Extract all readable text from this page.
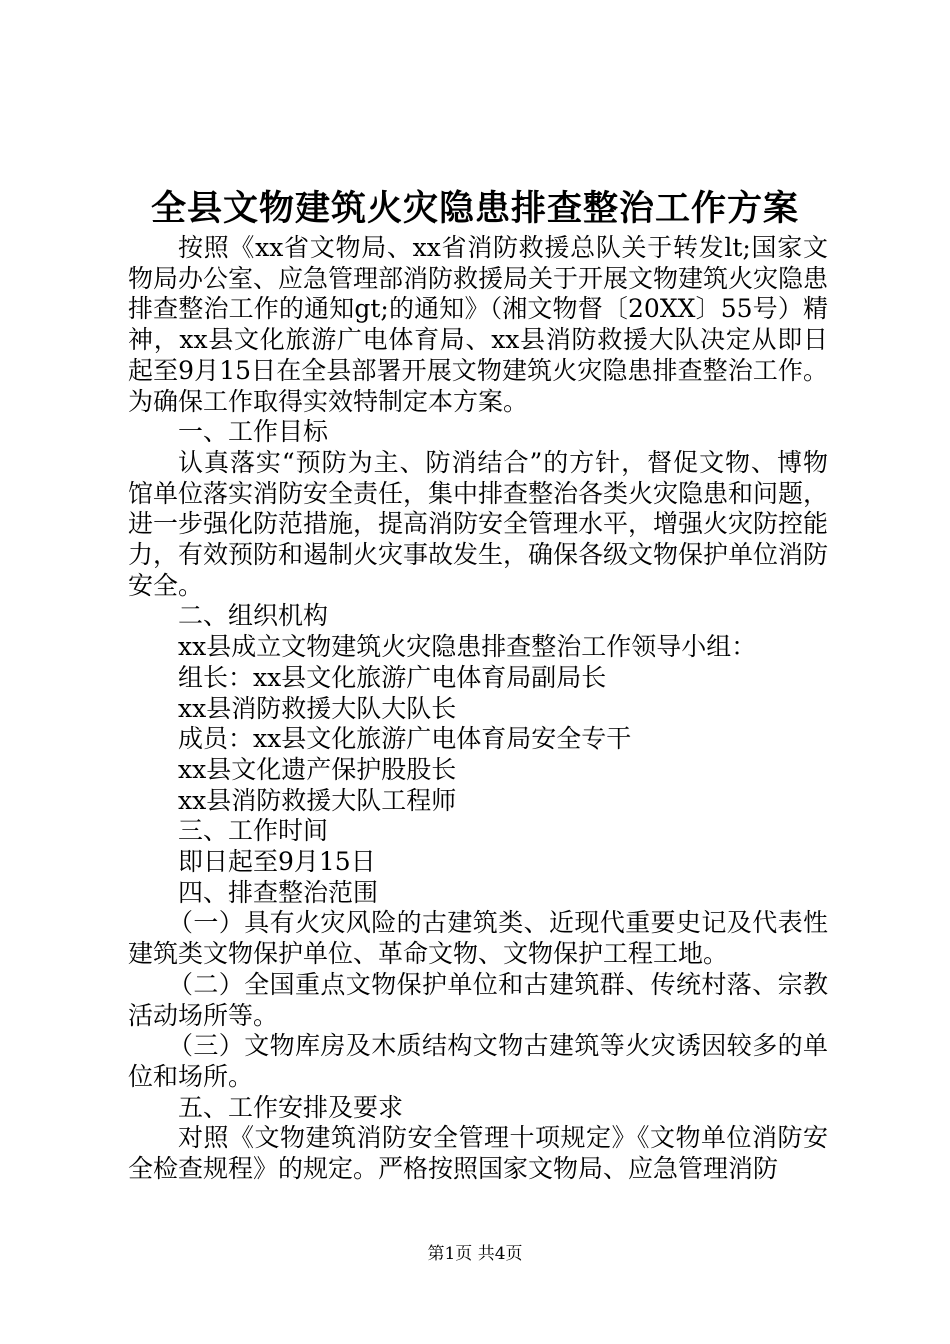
全县文物建筑火灾隐患排查整治工作方案

按照《xx省文物局、xx省消防救援总队关于转发lt;国家文物局办公室、应急管理部消防救援局关于开展文物建筑火灾隐患排查整治工作的通知gt;的通知》（湘文物督〔20XX〕55号）精神，xx县文化旅游广电体育局、xx县消防救援大队决定从即日起至9月15日在全县部署开展文物建筑火灾隐患排查整治工作。为确保工作取得实效特制定本方案。

一、工作目标

认真落实“预防为主、防消结合”的方针，督促文物、博物馆单位落实消防安全责任，集中排查整治各类火灾隐患和问题，进一步强化防范措施，提高消防安全管理水平，增强火灾防控能力，有效预防和遏制火灾事故发生，确保各级文物保护单位消防安全。

二、组织机构

xx县成立文物建筑火灾隐患排查整治工作领导小组：

组长：xx县文化旅游广电体育局副局长

xx县消防救援大队大队长

成员：xx县文化旅游广电体育局安全专干

xx县文化遗产保护股股长

xx县消防救援大队工程师

三、工作时间

即日起至9月15日

四、排查整治范围

（一）具有火灾风险的古建筑类、近现代重要史记及代表性建筑类文物保护单位、革命文物、文物保护工程工地。

（二）全国重点文物保护单位和古建筑群、传统村落、宗教活动场所等。

（三）文物库房及木质结构文物古建筑等火灾诱因较多的单位和场所。

五、工作安排及要求

对照《文物建筑消防安全管理十项规定》《文物单位消防安全检查规程》的规定。严格按照国家文物局、应急管理消防

第1页 共4页
